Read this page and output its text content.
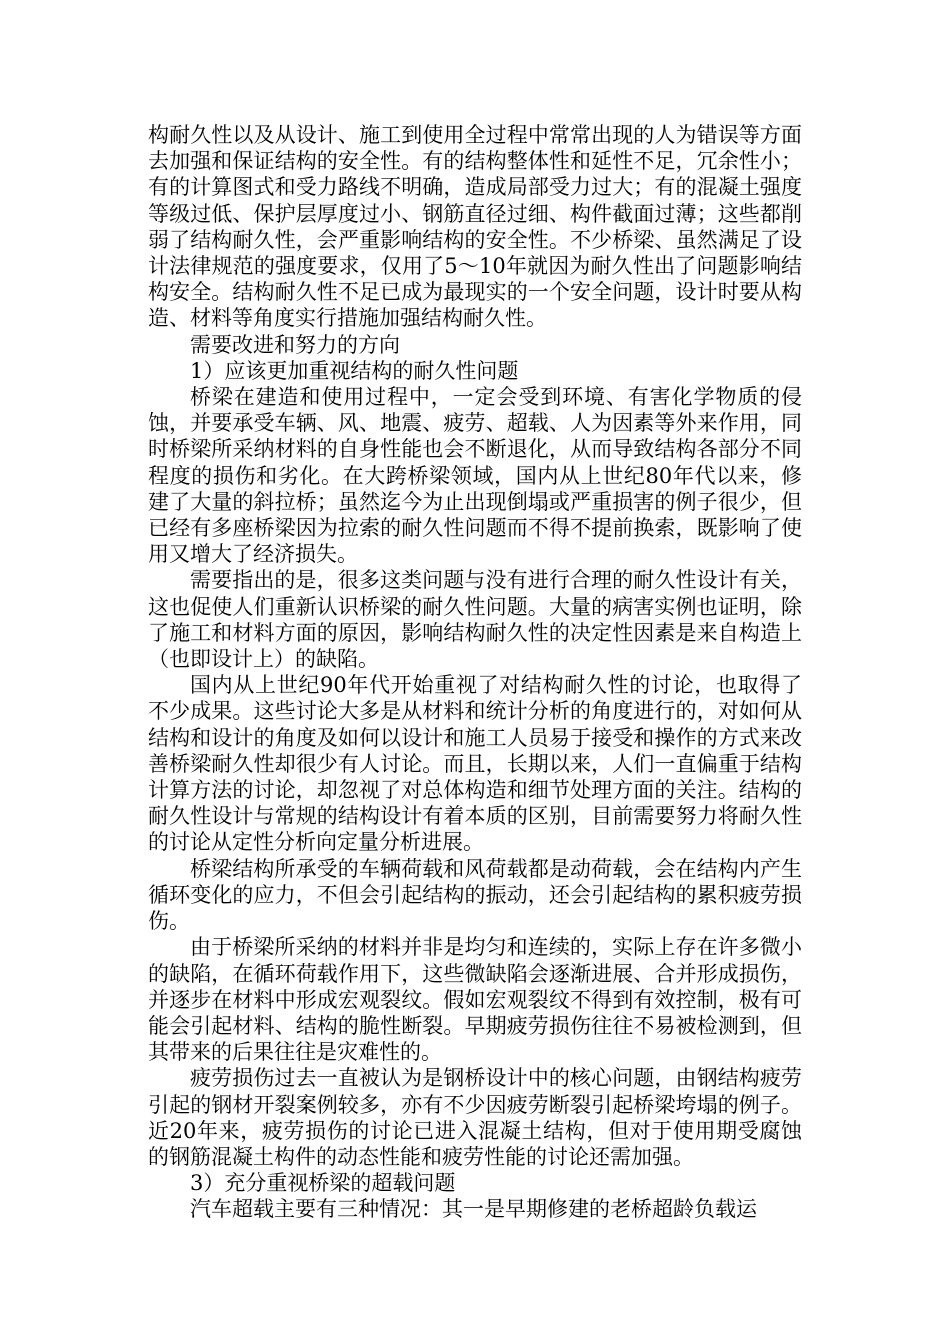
构耐久性以及从设计、施工到使用全过程中常常出现的人为错误等方面去加强和保证结构的安全性。有的结构整体性和延性不足，冗余性小；有的计算图式和受力路线不明确，造成局部受力过大；有的混凝土强度等级过低、保护层厚度过小、钢筋直径过细、构件截面过薄；这些都削弱了结构耐久性，会严重影响结构的安全性。不少桥梁、虽然满足了设计法律规范的强度要求，仅用了5～10年就因为耐久性出了问题影响结构安全。结构耐久性不足已成为最现实的一个安全问题，设计时要从构造、材料等角度实行措施加强结构耐久性。

需要改进和努力的方向

1）应该更加重视结构的耐久性问题

桥梁在建造和使用过程中，一定会受到环境、有害化学物质的侵蚀，并要承受车辆、风、地震、疲劳、超载、人为因素等外来作用，同时桥梁所采纳材料的自身性能也会不断退化，从而导致结构各部分不同程度的损伤和劣化。在大跨桥梁领域，国内从上世纪80年代以来，修建了大量的斜拉桥；虽然迄今为止出现倒塌或严重损害的例子很少，但已经有多座桥梁因为拉索的耐久性问题而不得不提前换索，既影响了使用又增大了经济损失。

需要指出的是，很多这类问题与没有进行合理的耐久性设计有关，这也促使人们重新认识桥梁的耐久性问题。大量的病害实例也证明，除了施工和材料方面的原因，影响结构耐久性的决定性因素是来自构造上（也即设计上）的缺陷。

国内从上世纪90年代开始重视了对结构耐久性的讨论，也取得了不少成果。这些讨论大多是从材料和统计分析的角度进行的，对如何从结构和设计的角度及如何以设计和施工人员易于接受和操作的方式来改善桥梁耐久性却很少有人讨论。而且，长期以来，人们一直偏重于结构计算方法的讨论，却忽视了对总体构造和细节处理方面的关注。结构的耐久性设计与常规的结构设计有着本质的区别，目前需要努力将耐久性的讨论从定性分析向定量分析进展。

桥梁结构所承受的车辆荷载和风荷载都是动荷载，会在结构内产生循环变化的应力，不但会引起结构的振动，还会引起结构的累积疲劳损伤。

由于桥梁所采纳的材料并非是均匀和连续的，实际上存在许多微小的缺陷，在循环荷载作用下，这些微缺陷会逐渐进展、合并形成损伤，并逐步在材料中形成宏观裂纹。假如宏观裂纹不得到有效控制，极有可能会引起材料、结构的脆性断裂。早期疲劳损伤往往不易被检测到，但其带来的后果往往是灾难性的。

疲劳损伤过去一直被认为是钢桥设计中的核心问题，由钢结构疲劳引起的钢材开裂案例较多，亦有不少因疲劳断裂引起桥梁垮塌的例子。近20年来，疲劳损伤的讨论已进入混凝土结构，但对于使用期受腐蚀的钢筋混凝土构件的动态性能和疲劳性能的讨论还需加强。

3）充分重视桥梁的超载问题

汽车超载主要有三种情况：其一是早期修建的老桥超龄负载运
